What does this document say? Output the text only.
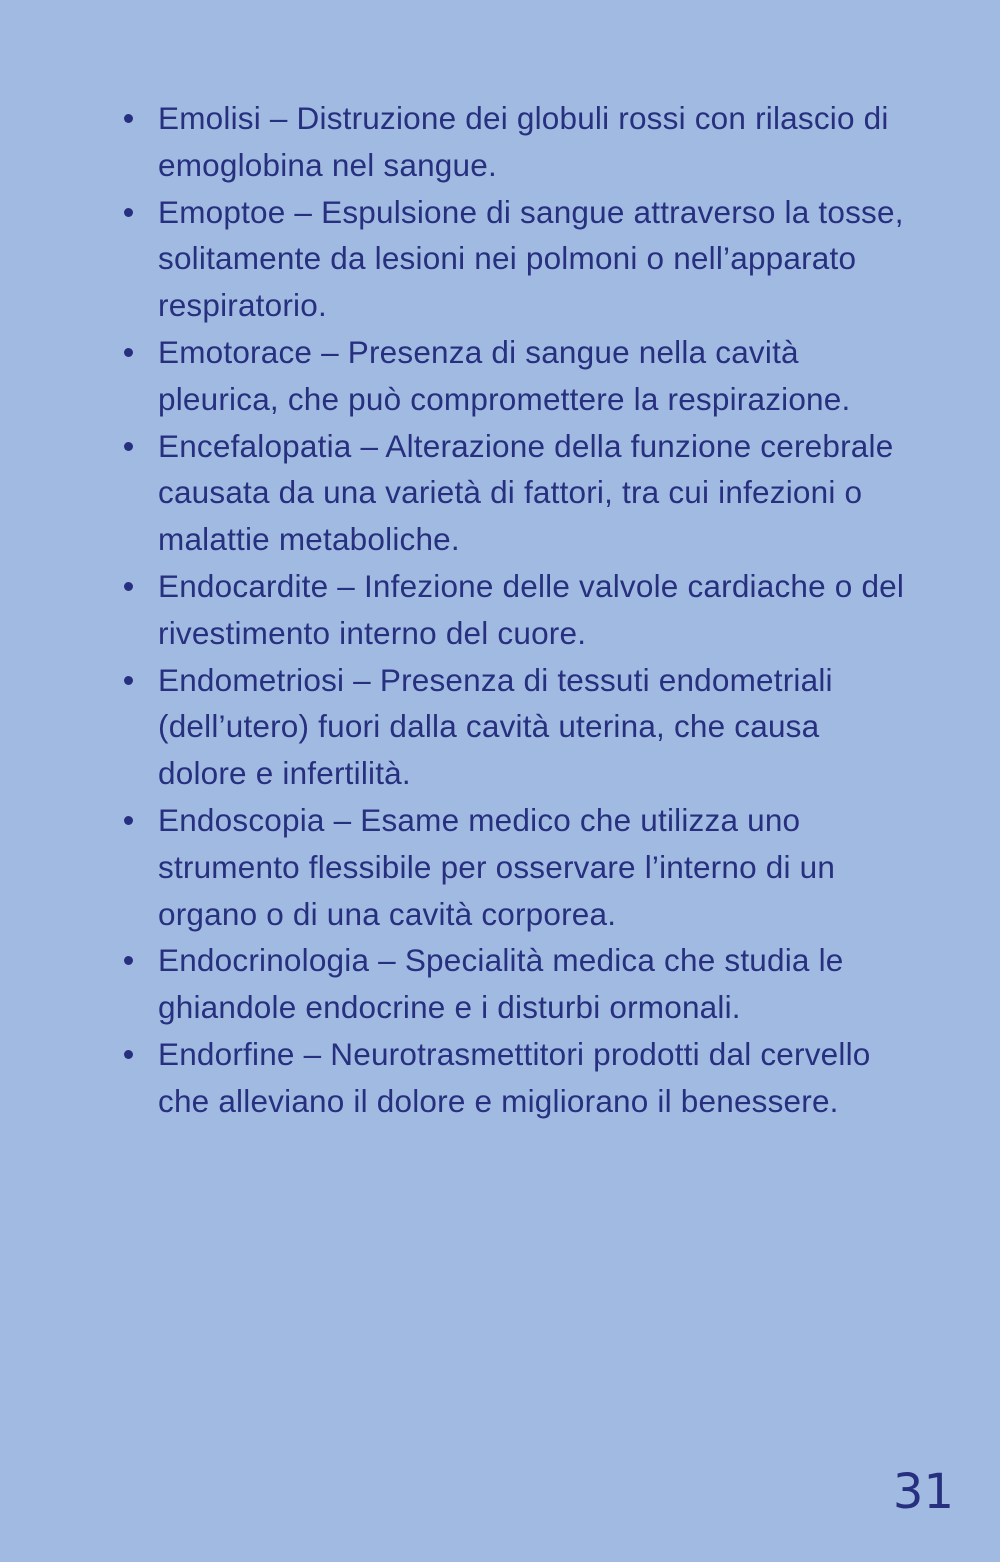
Emolisi – Distruzione dei globuli rossi con rilascio di emoglobina nel sangue.
Emoptoe – Espulsione di sangue attraverso la tosse, solitamente da lesioni nei polmoni o nell’apparato respiratorio.
Emotorace – Presenza di sangue nella cavità pleurica, che può compromettere la respirazione.
Encefalopatia – Alterazione della funzione cerebrale causata da una varietà di fattori, tra cui infezioni o malattie metaboliche.
Endocardite – Infezione delle valvole cardiache o del rivestimento interno del cuore.
Endometriosi – Presenza di tessuti endometriali (dell’utero) fuori dalla cavità uterina, che causa dolore e infertilità.
Endoscopia – Esame medico che utilizza uno strumento flessibile per osservare l’interno di un organo o di una cavità corporea.
Endocrinologia – Specialità medica che studia le ghiandole endocrine e i disturbi ormonali.
Endorfine – Neurotrasmettitori prodotti dal cervello che alleviano il dolore e migliorano il benessere.
31
